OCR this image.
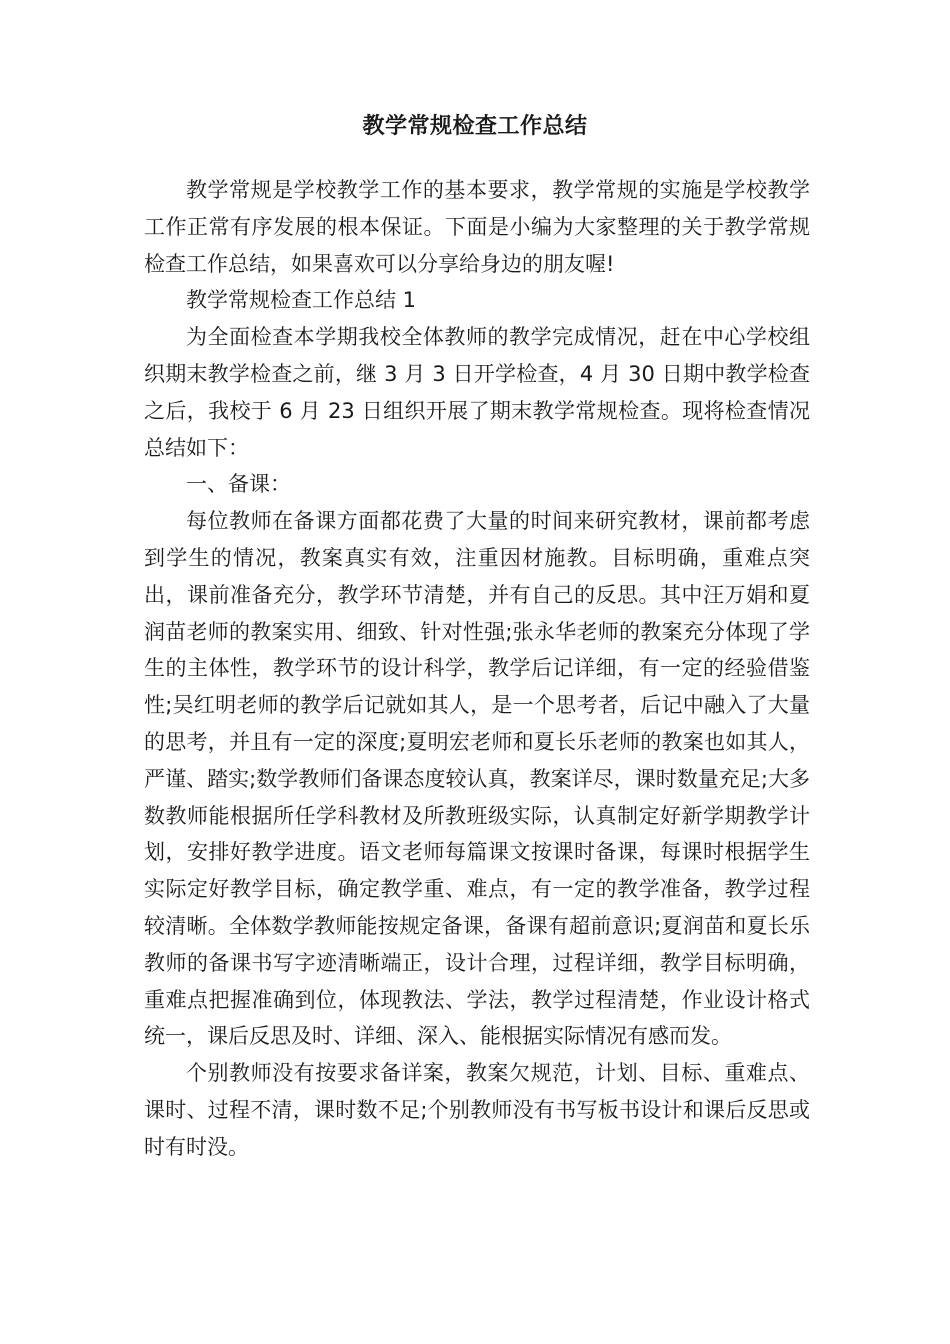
教学常规检查工作总结

教学常规是学校教学工作的基本要求，教学常规的实施是学校教学工作正常有序发展的根本保证。下面是小编为大家整理的关于教学常规检查工作总结，如果喜欢可以分享给身边的朋友喔!

教学常规检查工作总结 1

为全面检查本学期我校全体教师的教学完成情况，赶在中心学校组织期末教学检查之前，继 3 月 3 日开学检查，4 月 30 日期中教学检查之后，我校于 6 月 23 日组织开展了期末教学常规检查。现将检查情况总结如下：

一、备课：

每位教师在备课方面都花费了大量的时间来研究教材，课前都考虑到学生的情况，教案真实有效，注重因材施教。目标明确，重难点突出，课前准备充分，教学环节清楚，并有自己的反思。其中汪万娟和夏润苗老师的教案实用、细致、针对性强;张永华老师的教案充分体现了学生的主体性，教学环节的设计科学，教学后记详细，有一定的经验借鉴性;吴红明老师的教学后记就如其人，是一个思考者，后记中融入了大量的思考，并且有一定的深度;夏明宏老师和夏长乐老师的教案也如其人，严谨、踏实;数学教师们备课态度较认真，教案详尽，课时数量充足;大多数教师能根据所任学科教材及所教班级实际，认真制定好新学期教学计划，安排好教学进度。语文老师每篇课文按课时备课，每课时根据学生实际定好教学目标，确定教学重、难点，有一定的教学准备，教学过程较清晰。全体数学教师能按规定备课，备课有超前意识;夏润苗和夏长乐教师的备课书写字迹清晰端正，设计合理，过程详细，教学目标明确，重难点把握准确到位，体现教法、学法，教学过程清楚，作业设计格式统一，课后反思及时、详细、深入、能根据实际情况有感而发。

个别教师没有按要求备详案，教案欠规范，计划、目标、重难点、课时、过程不清，课时数不足;个别教师没有书写板书设计和课后反思或时有时没。
